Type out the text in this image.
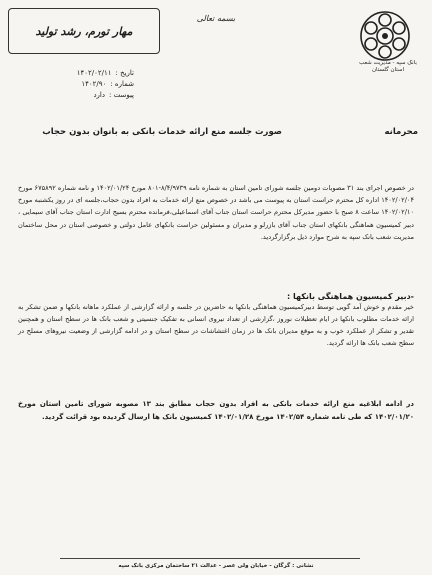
بسمه تعالی
مهار تورم، رشد تولید
بانک سپه - مدیریت شعب استان گلستان
تاریخ :
۱۴۰۲/۰۲/۱۱
شماره :
۱۴۰۲/۹۰
پیوست :
دارد
محرمانه
صورت جلسه منع ارائه خدمات بانکی به بانوان بدون حجاب
در خصوص اجرای بند ۳۱ مصوبات دومین جلسه شورای تامین استان به شماره نامه ۸/۴/۹۷۳۹-۸۰۱ مورخ ۱۴۰۲/۰۱/۲۴ و نامه شماره ۶۷۵۸۹۲ مورخ ۱۴۰۲/۰۲/۰۴ اداره کل محترم حراست استان به پیوست می باشد در خصوص منع ارائه خدمات به افراد بدون حجاب،جلسه ای در روز یکشنبه مورخ ۱۴۰۲/۰۲/۱۰ ساعت ۸ صبح با حضور مدیرکل محترم حراست استان جناب آقای اسماعیلی،فرمانده محترم بسیج ادارت استان جناب آقای سیمایی ، دبیر کمیسیون هماهنگی بانکهای استان جناب آقای بازرلو و مدیران و مسئولین حراست بانکهای عامل دولتی و خصوصی استان در محل ساختمان مدیریت شعب بانک سپه به شرح موارد ذیل برگزارگردید.
-دبیر کمیسیون هماهنگی بانکها :
خیر مقدم و خوش آمد گویی توسط دبیرکمیسیون هماهنگی بانکها به حاضرین در جلسه و ارائه گزارشی از عملکرد ماهانه بانکها و ضمن تشکر به ارائه خدمات مطلوب بانکها در ایام تعطیلات نوروز ،گزارشی از تعداد نیروی انسانی به تفکیک جنسیتی و شعب بانک ها در سطح استان و همچنین تقدیر و تشکر از عملکرد خوب و به موقع مدیران بانک ها در زمان اغتشاشات در سطح استان و در ادامه گزارشی از وضعیت نیروهای مسلح در سطح شعب بانک ها ارائه گردید.
در ادامه ابلاغیه منع ارائه خدمات بانکی به افراد بدون حجاب مطابق بند ۱۳ مصوبه شورای تامین استان مورخ ۱۴۰۲/۰۱/۲۰ که طی نامه شماره ۱۴۰۲/۵۴ مورخ ۱۴۰۲/۰۱/۲۸ کمیسیون بانک ها ارسال گردیده بود قرائت گردید.
نشانی : گرگان - خیابان ولی عصر - عدالت ۲۱ ساختمان مرکزی بانک سپه
